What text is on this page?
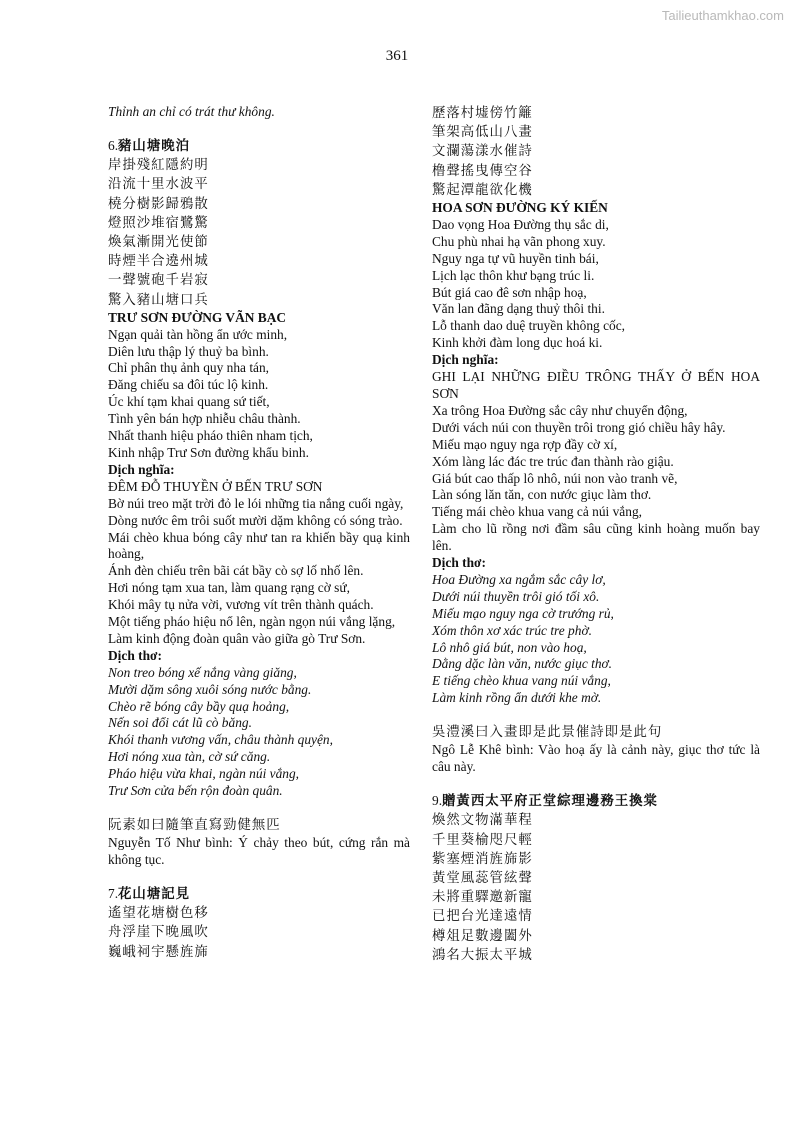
Tailieuthamkhao.com
361
Thỉnh an chỉ có trát thư không.
6.豬山塘晚泊
岸掛殘紅隱約明
沿流十里水波平
橈分樹影歸鴉散
燈照沙堆宿鷺驚
煥氣漸開光使節
時煙半合遶州城
一聲號砲千岩寂
驚入豬山塘口兵
TRƯ SƠN ĐƯỜNG VÃN BẠC
Ngạn quải tàn hồng ẩn ước minh,
Diên lưu thập lý thuỷ ba bình.
Chỉ phân thụ ảnh quy nha tán,
Đăng chiếu sa đôi túc lộ kinh.
Úc khí tạm khai quang sứ tiết,
Tình yên bán hợp nhiễu châu thành.
Nhất thanh hiệu pháo thiên nham tịch,
Kinh nhập Trư Sơn đường khẩu binh.
Dịch nghĩa:
ĐÊM ĐỖ THUYỀN Ở BẾN TRƯ SƠN
Bờ núi treo mặt trời đỏ le lói những tia nắng cuối ngày,
Dòng nước êm trôi suốt mười dặm không có sóng trào.
Mái chèo khua bóng cây như tan ra khiến bầy quạ kinh hoàng,
Ánh đèn chiếu trên bãi cát bầy cò sợ lố nhố lên.
Hơi nóng tạm xua tan, làm quang rạng cờ sứ,
Khói mây tụ nửa vời, vương vít trên thành quách.
Một tiếng pháo hiệu nổ lên, ngàn ngọn núi vắng lặng,
Làm kinh động đoàn quân vào giữa gò Trư Sơn.
Dịch thơ:
Non treo bóng xế nắng vàng giăng,
Mười dặm sông xuôi sóng nước bằng.
Chèo rẽ bóng cây bầy quạ hoảng,
Nến soi đổi cát lũ cò băng.
Khói thanh vương vấn, châu thành quyện,
Hơi nóng xua tàn, cờ sứ căng.
Pháo hiệu vừa khai, ngàn núi vắng,
Trư Sơn cửa bến rộn đoàn quân.
阮素如曰隨筆直寫勁健無匹
Nguyễn Tố Như bình: Ý chảy theo bút, cứng rắn mà không tục.
7.花山塘記見
遙望花塘樹色移
舟浮崖下晚風吹
巍峨祠宇懸旌旆
歷落村墟傍竹籬
筆架高低山八畫
文瀾蕩漾水催詩
橹聲搖曳傳空谷
驚起潭龍欲化機
HOA SƠN ĐƯỜNG KÝ KIẾN
Dao vọng Hoa Đường thụ sắc di,
Chu phù nhai hạ vãn phong xuy.
Nguy nga tự vũ huyền tinh bái,
Lịch lạc thôn khư bạng trúc li.
Bút giá cao đê sơn nhập hoạ,
Văn lan đãng dạng thuỷ thôi thi.
Lỗ thanh dao duệ truyền không cốc,
Kinh khởi đàm long dục hoá ki.
Dịch nghĩa:
GHI LẠI NHỮNG ĐIỀU TRÔNG THẤY Ở BẾN HOA SƠN
Xa trông Hoa Đường sắc cây như chuyển động,
Dưới vách núi con thuyền trôi trong gió chiều hây hây.
Miếu mạo nguy nga rợp đầy cờ xí,
Xóm làng lác đác tre trúc đan thành rào giậu.
Giá bút cao thấp lô nhô, núi non vào tranh vẽ,
Làn sóng lăn tăn, con nước giục làm thơ.
Tiếng mái chèo khua vang cả núi vắng,
Làm cho lũ rồng nơi đầm sâu cũng kinh hoàng muốn bay lên.
Dịch thơ:
Hoa Đường xa ngắm sắc cây lơ,
Dưới núi thuyền trôi gió tối xô.
Miếu mạo nguy nga cờ trướng rủ,
Xóm thôn xơ xác trúc tre phờ.
Lô nhô giá bút, non vào hoạ,
Dằng dặc làn văn, nước giục thơ.
E tiếng chèo khua vang núi vắng,
Làm kinh rồng ẩn dưới khe mờ.
吳澧溪曰入畫即是此景催詩即是此句
Ngô Lễ Khê bình: Vào hoạ ấy là cảnh này, giục thơ tức là câu này.
9.贈黃西太平府正堂綜理邊務王換棠
煥然文物滿華程
千里葵榆咫尺輕
紫塞煙消旌旆影
黃堂風蕊管絃聲
未將重驛邀新寵
已把台光達遠情
樽俎足數邊闔外
鴻名大振太平城
